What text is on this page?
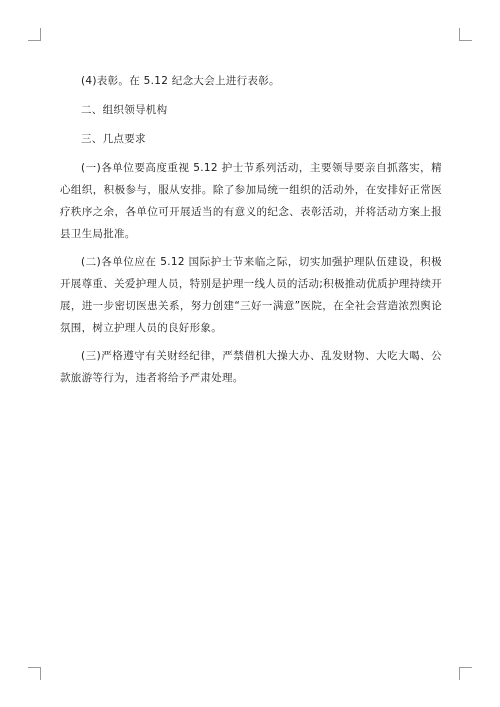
(4)表彰。在 5.12 纪念大会上进行表彰。

二、组织领导机构

三、几点要求

(一)各单位要高度重视 5.12 护士节系列活动，主要领导要亲自抓落实，精心组织，积极参与，服从安排。除了参加局统一组织的活动外，在安排好正常医疗秩序之余，各单位可开展适当的有意义的纪念、表彰活动，并将活动方案上报县卫生局批准。

(二)各单位应在 5.12 国际护士节来临之际，切实加强护理队伍建设，积极开展尊重、关爱护理人员，特别是护理一线人员的活动;积极推动优质护理持续开展，进一步密切医患关系，努力创建“三好一满意”医院，在全社会营造浓烈舆论氛围，树立护理人员的良好形象。

(三)严格遵守有关财经纪律，严禁借机大操大办、乱发财物、大吃大喝、公款旅游等行为，违者将给予严肃处理。
